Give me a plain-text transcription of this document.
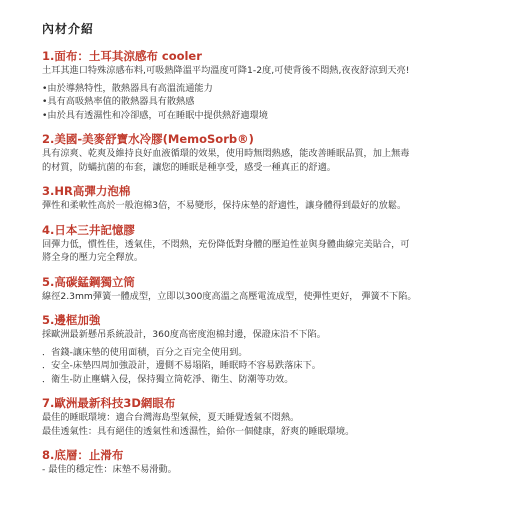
內材介紹
1.面布：土耳其涼感布 cooler

土耳其進口特殊涼感布料,可吸熱降溫平均溫度可降1-2度,可使背後不悶熱,夜夜舒涼到天亮!

•由於導熱特性，散熱器具有高溫流通能力

•具有高吸熱率值的散熱器具有散熱感

•由於具有透濕性和冷卻感，可在睡眠中提供熱舒適環境

2.美國-美麥舒寶水冷膠(MemoSorb®)

具有涼爽、乾爽及維持良好血液循環的效果，使用時無悶熱感，能改善睡眠品質，加上無毒

的材質，防蟎抗菌的布套，讓您的睡眠是種享受，感受一種真正的舒適。

3.HR高彈力泡棉

彈性和柔軟性高於一般泡棉3倍，不易變形，保持床墊的舒適性，讓身體得到最好的放鬆。

4.日本三井記憶膠

回彈力低，慣性佳，透氣佳，不悶熱，充份降低對身體的壓迫性並與身體曲線完美貼合，可

將全身的壓力完全釋放。

5.高碳錳鋼獨立筒

線徑2.3mm彈簧一體成型，立即以300度高溫之高壓電流成型，使彈性更好， 彈簧不下陷。

5.邊框加強

採歐洲最新懸吊系統設計，360度高密度泡棉封邊，保證床沿不下陷。

．省錢-讓床墊的使用面積，百分之百完全使用到。

．安全-床墊四周加強設計，邊側不易塌陷，睡眠時不容易跌落床下。

．衛生-防止塵螨入侵，保持獨立筒乾淨、衛生、防潮等功效。

7.歐洲最新科技3D網眼布

最佳的睡眠環境：適合台灣海島型氣候，夏天睡覺透氣不悶熱。

最佳透氣性：具有絕佳的透氣性和透濕性，給你一個健康，舒爽的睡眠環境。

8.底層：止滑布

- 最佳的穩定性：床墊不易滑動。
